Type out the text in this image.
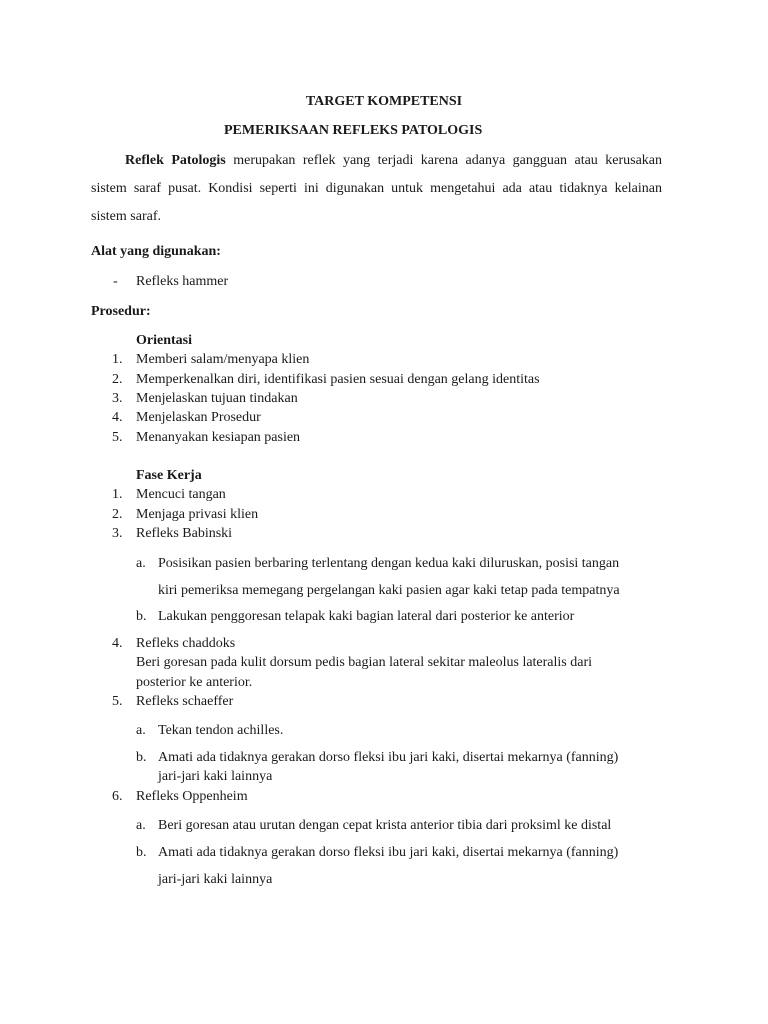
TARGET KOMPETENSI
PEMERIKSAAN REFLEKS PATOLOGIS
Reflek Patologis merupakan reflek yang terjadi karena adanya gangguan atau kerusakan
sistem saraf pusat. Kondisi seperti ini digunakan untuk mengetahui ada atau tidaknya kelainan
sistem saraf.
Alat yang digunakan:
- Refleks hammer
Prosedur:
Orientasi
1. Memberi salam/menyapa klien
2. Memperkenalkan diri, identifikasi pasien sesuai dengan gelang identitas
3. Menjelaskan tujuan tindakan
4. Menjelaskan Prosedur
5. Menanyakan kesiapan pasien
Fase Kerja
1. Mencuci tangan
2. Menjaga privasi klien
3. Refleks Babinski
a. Posisikan pasien berbaring terlentang dengan kedua kaki diluruskan, posisi tangan
kiri pemeriksa memegang pergelangan kaki pasien agar kaki tetap pada tempatnya
b. Lakukan penggoresan telapak kaki bagian lateral dari posterior ke anterior
4. Refleks chaddoks
Beri goresan pada kulit dorsum pedis bagian lateral sekitar maleolus lateralis dari
posterior ke anterior.
5. Refleks schaeffer
a. Tekan tendon achilles.
b. Amati ada tidaknya gerakan dorso fleksi ibu jari kaki, disertai mekarnya (fanning)
jari-jari kaki lainnya
6. Refleks Oppenheim
a. Beri goresan atau urutan dengan cepat krista anterior tibia dari proksiml ke distal
b. Amati ada tidaknya gerakan dorso fleksi ibu jari kaki, disertai mekarnya (fanning)
jari-jari kaki lainnya
